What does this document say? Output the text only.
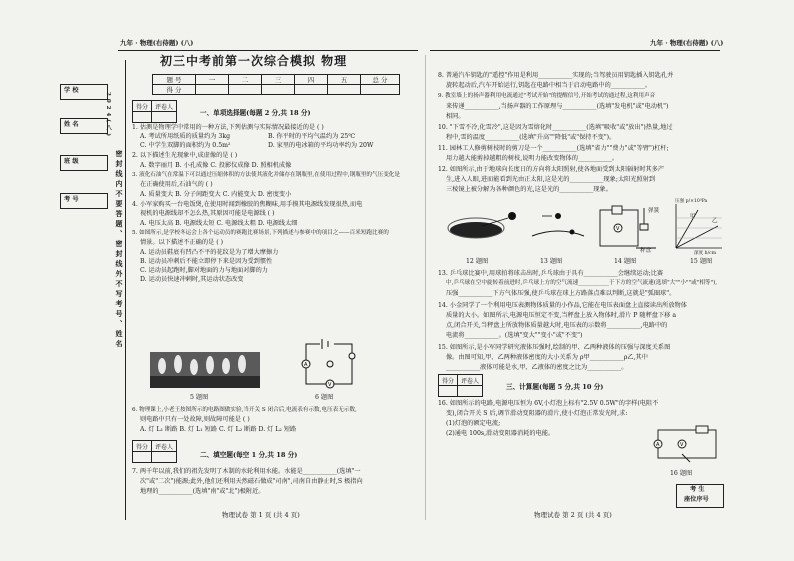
九年 · 物理(右侍题) (八)	九年 · 物理(右侍题) (八)
学 校
姓 名
班 级
考 号
2024(八)
密封线内不要答题、密封线外不写考号、姓名
初三中考前第一次综合模拟 物理
题 号	一	二	三	四	五	总 分
得 分						
得分	评卷人

一、单项选择题(每题 2 分,共 18 分)
1. 估测是物理学中常用的一种方法,下列估测与实际情况最接近的是 ( )
A. 考试所用纸质的质量约为 3kg	B. 你平时的平均气温约为 25℃
C. 中学生双脚的面积约为 0.5m²	D. 家里的电冰箱的平均功率约为 20W
2. 以下描述生光现象中,成虚像的是 ( )
A. 数字丽月 B. 小孔成像 C. 投影仪成像 D. 照相机成像
3. 液化石油气在常温下可以通过压缩体积的方法使其液化并储存在钢瓶里,在使用过程中,钢瓶里的气压变化是
在正确使用后,石油气的 ( )
A. 质量变大 B. 分子间距变大 C. 内能变大 D. 密度变小
4. 小军家购买一台电饭煲,在使用时闻到橡胶的焦糊味,用手摸其电源线发现很热,而电
视机的电源线却不怎么热,其原因可能是电源线 ( )
A. 电压太高 B. 电源线太短 C. 电源线太粗 D. 电源线太细
5. 如图所示,是学校冬运会上各个运动员的赛跑比赛场景,下列描述与参赛中的项目之——百米短跑比赛的
情景。以下描述不正确的是 ( )
A. 运动员鞋底有凹凸不平的花纹是为了增大摩擦力
B. 运动员冲刺后不能立即停下来是因为受到惯性
C. 运动员起跑时,脚对地面的力与地面对脚的力
D. 运动员快速冲刺时,其运动状态改变
5 题图
A
V
6 题图
6. 物理课上,小老王按图所示的电路图做实验,当开关 S 闭合后,电流表有示数,电压表无示数,
则电路中只有一处故障,则故障可能是 ( )
A. 灯 L₁ 断路 B. 灯 L₁ 短路 C. 灯 L₂ 断路 D. 灯 L₂ 短路
得分	评卷人

二、填空题(每空 1 分,共 18 分)
7. 两千年以前,我们的祖先发明了木制的水轮利用水能。水能是___________(选填"一
次"或"二次")能源;此外,他们还利用天然磁石做成"司南",司南自由静止时,S 极指向
地理的___________(选填"南"或"北")极附近。
物理试卷 第 1 页 (共 4 页)
8. 普通汽车钥匙的"遥控"作用是利用___________实现的;当驾驶员用钥匙插入钥匙孔并
旋转起动后,汽车开始运行,钥匙在电路中相当于启动电路中的___________。
9. 教室墙上的扬声器利用电流通过"考试开始"的提醒信号,开始考试的通过程,这利用声音
来传递___________,当扬声器的工作原理与___________(选填"发电机"或"电动机")
相同。
10. "下雪不冷,化雪冷",这是因为雪熔化时___________(选填"吸收"或"放出")热量,地过
程中,雪的温度___________(选填"升高""降低"或"保持不变")。
11. 园林工人修剪树枝时的剪刀是一个___________(选填"省力""费力"或"等臂")杠杆;
用力越大能剪掉越粗的树枝,说明力能改变物体的___________。
12. 如图所示,由于地球向长度日的方向将太阳照射,使各地面受到太阳辐射时其多产
生,进入人眼,进而能看到光由正太阳,这是光的___________现象;太阳光照射到
三棱镜上被分解为各种颜色的光,这是光的___________现象。
12 题图	13 题图
V
弹簧
秤盘
14 题图
压强 p/×10³Pa
甲
乙
深度 h/cm
15 题图
13. 乒乓球比赛中,用球拍将球击出时,乒乓球由于具有___________会继续运动;比赛
中,乒乓球在空中旋转着前进时,乒乓球上方的空气流速___________于下方的空气流速(选填"大""小""或"相等"),
压强___________下方气体压强,使乒乓球在球上方路落点难以判断,这就是"弧圈球"。
14. 小金同学了一个利用电压表测物体质量的小作品,它能在电压表面盘上直接读出所放物体
质量的大小。如图所示,电源电压恒定不变,当秤盘上放入物体时,滑片 P 随秤盘下移 a
点,闭合开关,当秤盘上所放物体质量越大时,电压表的示数将___________,电路中的
电流将___________。(选填"变大""变小"或"不变")
15. 如图所示,是小军同学研究液体压强时,绘制的甲、乙两种液体的压强与深度关系图
像。由图可知,甲、乙两种液体密度的大小关系为 ρ甲___________ρ乙,其中
___________液体可能是水,甲、乙液体的密度之比为___________。
得分	评卷人

三、计算题(每题 5 分,共 10 分)
16. 如图所示的电路,电源电压恒为 6V,小灯泡上标有"2.5V 0.5W"的字样(电阻不
变),闭合开关 S 后,调节滑动变阻器的滑片,使小灯泡正常发光时,求:
(1)灯泡的额定电流;
(2)通电 100s,滑动变阻器消耗的电能。
A	V
16 题图
考 生
座位序号
物理试卷 第 2 页 (共 4 页)
